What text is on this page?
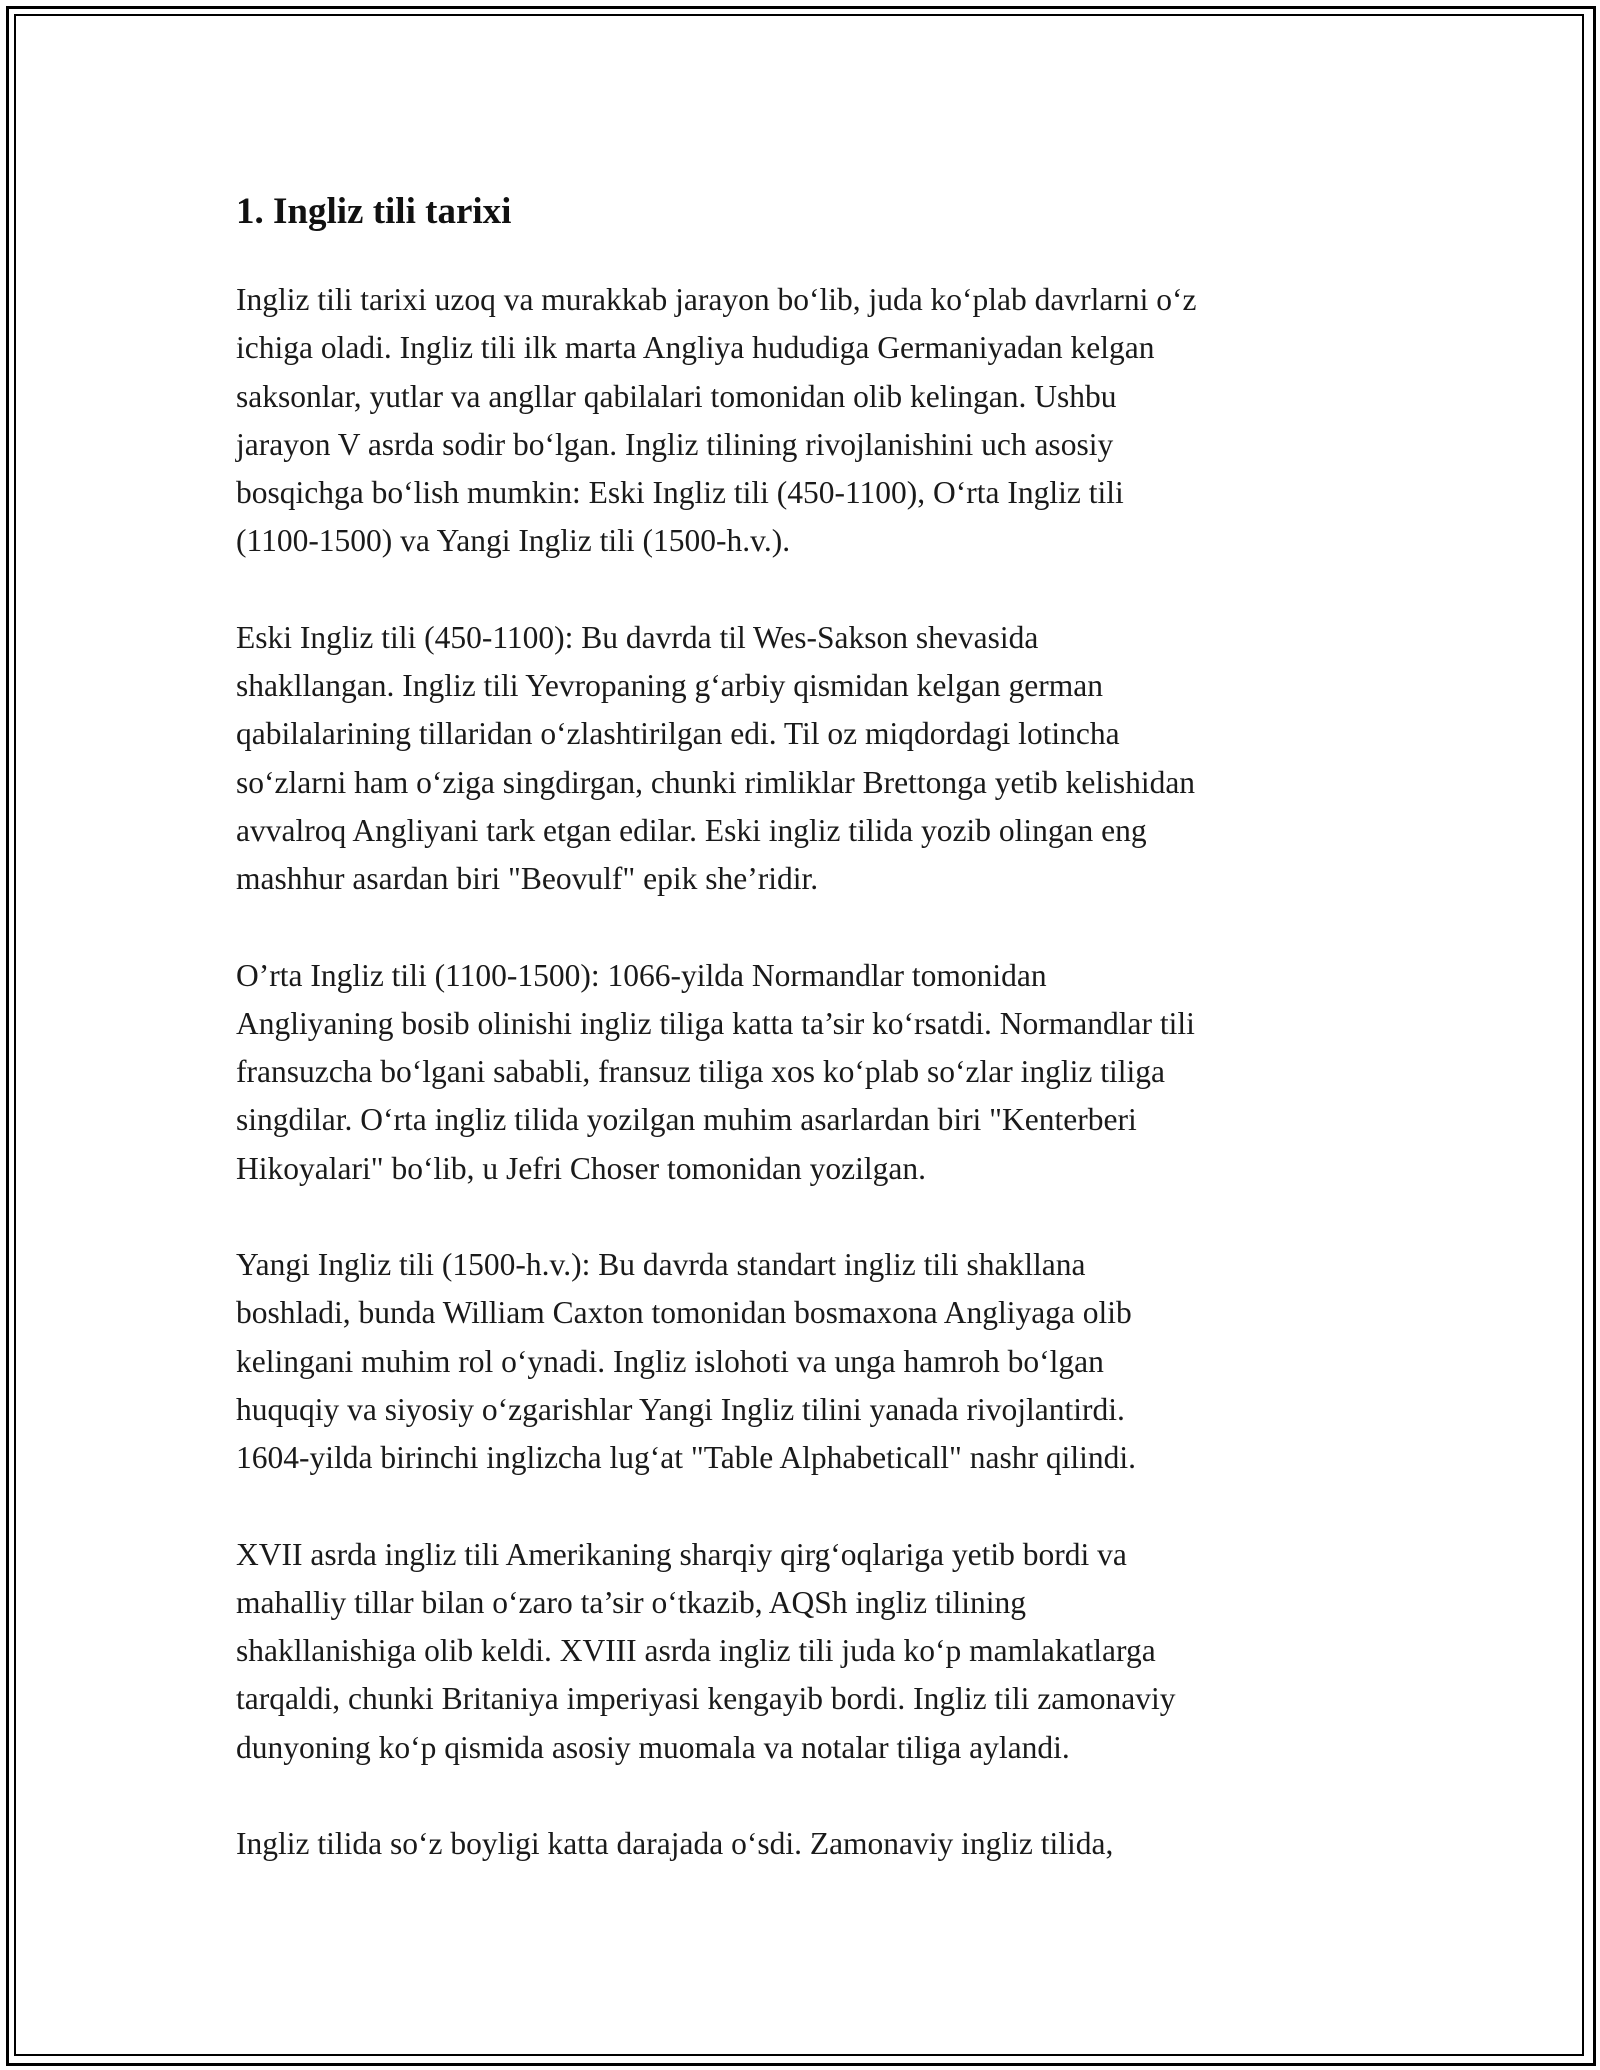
1. Ingliz tili tarixi

Ingliz tili tarixi uzoq va murakkab jarayon bo‘lib, juda ko‘plab davrlarni o‘z
ichiga oladi. Ingliz tili ilk marta Angliya hududiga Germaniyadan kelgan
saksonlar, yutlar va angllar qabilalari tomonidan olib kelingan. Ushbu
jarayon V asrda sodir bo‘lgan. Ingliz tilining rivojlanishini uch asosiy
bosqichga bo‘lish mumkin: Eski Ingliz tili (450-1100), O‘rta Ingliz tili
(1100-1500) va Yangi Ingliz tili (1500-h.v.).

Eski Ingliz tili (450-1100): Bu davrda til Wes-Sakson shevasida
shakllangan. Ingliz tili Yevropaning g‘arbiy qismidan kelgan german
qabilalarining tillaridan o‘zlashtirilgan edi. Til oz miqdordagi lotincha
so‘zlarni ham o‘ziga singdirgan, chunki rimliklar Brettonga yetib kelishidan
avvalroq Angliyani tark etgan edilar. Eski ingliz tilida yozib olingan eng
mashhur asardan biri "Beovulf" epik she’ridir.

O’rta Ingliz tili (1100-1500): 1066-yilda Normandlar tomonidan
Angliyaning bosib olinishi ingliz tiliga katta ta’sir ko‘rsatdi. Normandlar tili
fransuzcha bo‘lgani sababli, fransuz tiliga xos ko‘plab so‘zlar ingliz tiliga
singdilar. O‘rta ingliz tilida yozilgan muhim asarlardan biri "Kenterberi
Hikoyalari" bo‘lib, u Jefri Choser tomonidan yozilgan.

Yangi Ingliz tili (1500-h.v.): Bu davrda standart ingliz tili shakllana
boshladi, bunda William Caxton tomonidan bosmaxona Angliyaga olib
kelingani muhim rol o‘ynadi. Ingliz islohoti va unga hamroh bo‘lgan
huquqiy va siyosiy o‘zgarishlar Yangi Ingliz tilini yanada rivojlantirdi.
1604-yilda birinchi inglizcha lug‘at "Table Alphabeticall" nashr qilindi.

XVII asrda ingliz tili Amerikaning sharqiy qirg‘oqlariga yetib bordi va
mahalliy tillar bilan o‘zaro ta’sir o‘tkazib, AQSh ingliz tilining
shakllanishiga olib keldi. XVIII asrda ingliz tili juda ko‘p mamlakatlarga
tarqaldi, chunki Britaniya imperiyasi kengayib bordi. Ingliz tili zamonaviy
dunyoning ko‘p qismida asosiy muomala va notalar tiliga aylandi.

Ingliz tilida so‘z boyligi katta darajada o‘sdi. Zamonaviy ingliz tilida,
